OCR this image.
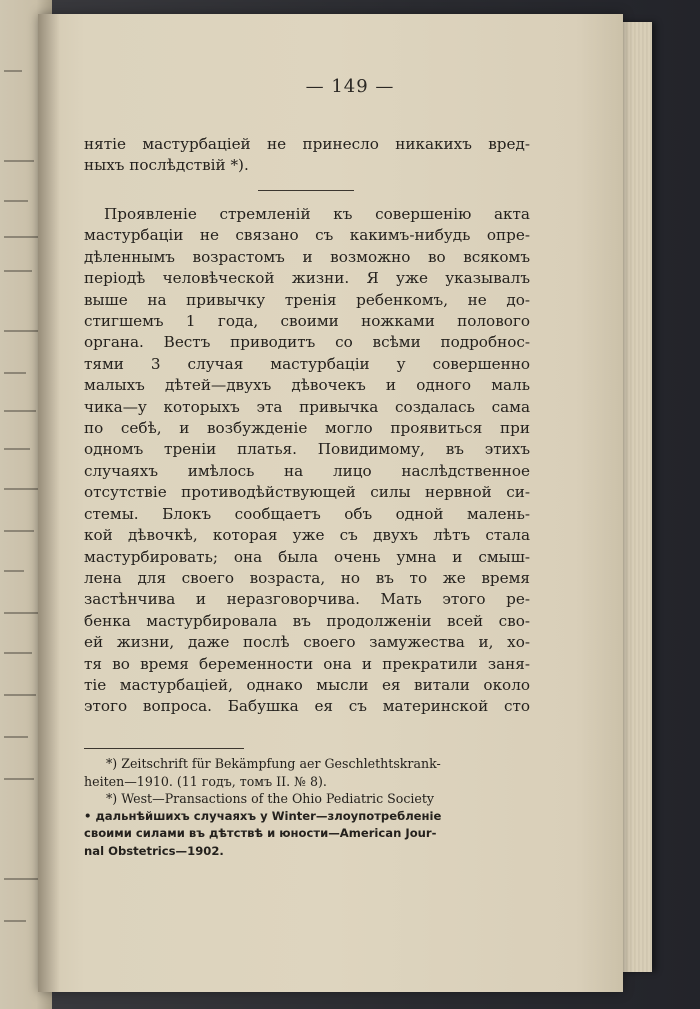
— 149 —
нятіе мастурбаціей не принесло никакихъ вред-
ныхъ послѣдствій *).
Проявленіе стремленій къ совершенію акта
мастурбаціи не связано съ какимъ-нибудь опре-
дѣленнымъ возрастомъ и возможно во всякомъ
періодѣ человѣческой жизни. Я уже указывалъ
выше на привычку тренія ребенкомъ, не до-
стигшемъ 1 года, своими ножками полового
органа. Вестъ приводитъ со всѣми подробнос-
тями 3 случая мастурбаціи у совершенно
малыхъ дѣтей—двухъ дѣвочекъ и одного маль
чика—у которыхъ эта привычка создалась сама
по себѣ, и возбужденіе могло проявиться при
одномъ треніи платья. Повидимому, въ этихъ
случаяхъ имѣлось на лицо наслѣдственное
отсутствіе противодѣйствующей силы нервной си-
стемы. Блокъ сообщаетъ объ одной малень-
кой дѣвочкѣ, которая уже съ двухъ лѣтъ стала
мастурбировать; она была очень умна и смыш-
лена для своего возраста, но въ то же время
застѣнчива и неразговорчива. Мать этого ре-
бенка мастурбировала въ продолженіи всей сво-
ей жизни, даже послѣ своего замужества и, хо-
тя во время беременности она и прекратили заня-
тіе мастурбаціей, однако мысли ея витали около
этого вопроса. Бабушка ея съ материнской сто
*) Zeitschrift für Bekämpfung aer Geschlethtskrank-
heiten—1910. (11 годъ, томъ II. № 8).
*) West—Pransactions of the Ohio Pediatric Society
• дальнѣйшихъ случаяхъ у Winter—злоупотребленіе
своими силами въ дѣтствѣ и юности—American Jour-
nal Obstetrics—1902.
